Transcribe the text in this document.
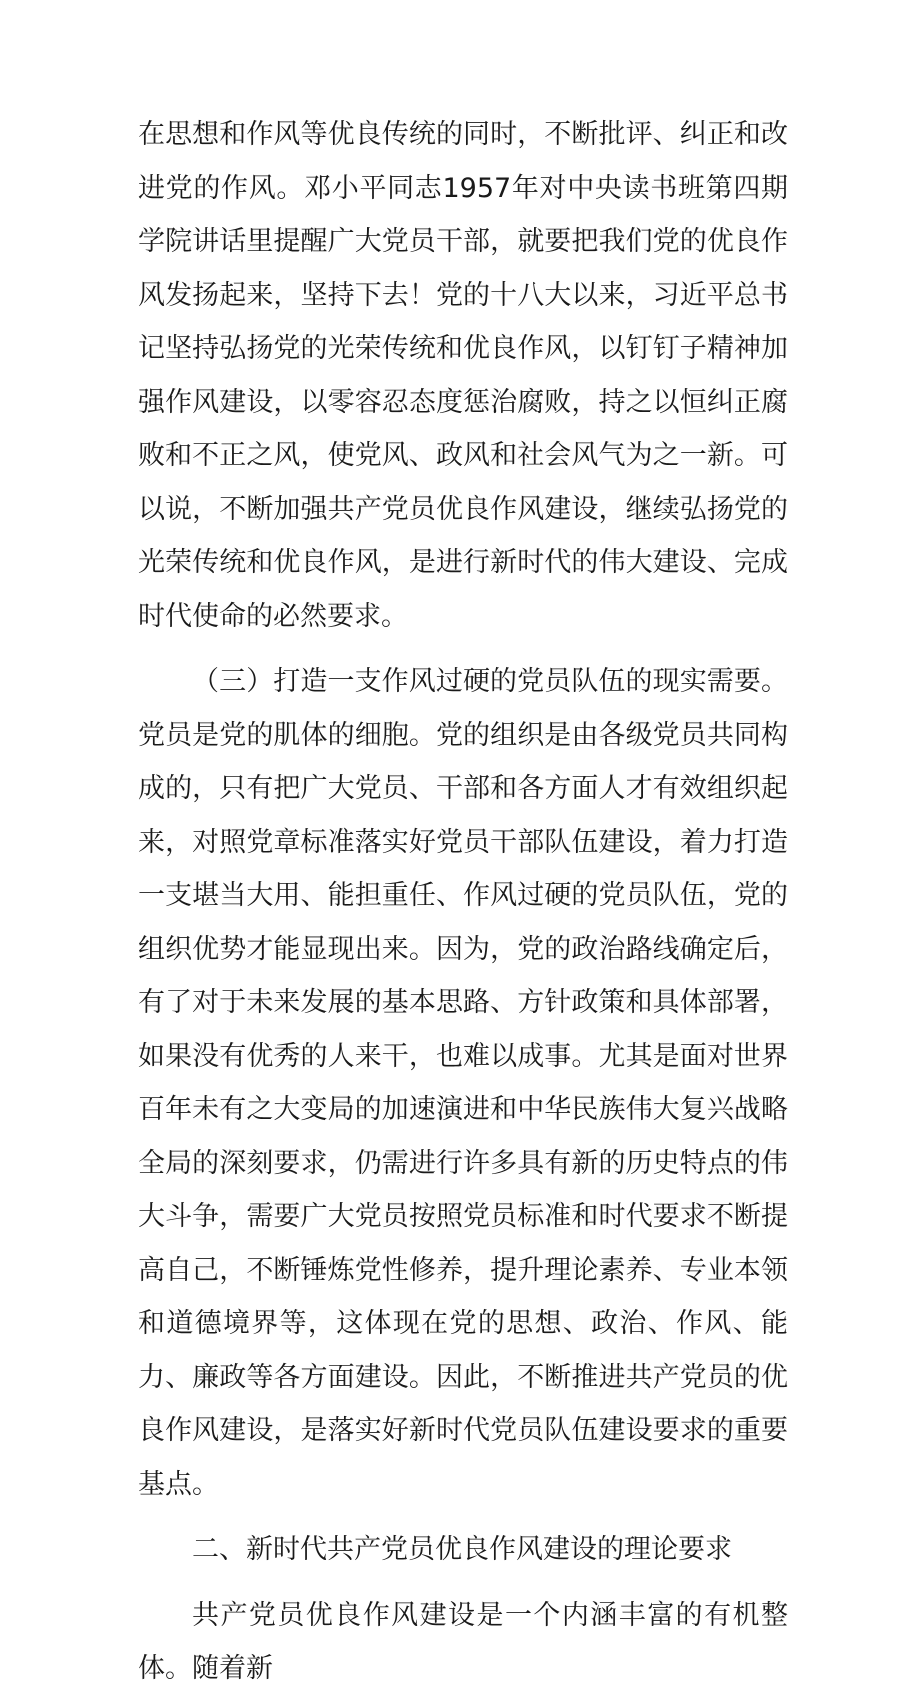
在思想和作风等优良传统的同时，不断批评、纠正和改进党的作风。邓小平同志1957年对中央读书班第四期学院讲话里提醒广大党员干部，就要把我们党的优良作风发扬起来，坚持下去！党的十八大以来，习近平总书记坚持弘扬党的光荣传统和优良作风，以钉钉子精神加强作风建设，以零容忍态度惩治腐败，持之以恒纠正腐败和不正之风，使党风、政风和社会风气为之一新。可以说，不断加强共产党员优良作风建设，继续弘扬党的光荣传统和优良作风，是进行新时代的伟大建设、完成时代使命的必然要求。

（三）打造一支作风过硬的党员队伍的现实需要。党员是党的肌体的细胞。党的组织是由各级党员共同构成的，只有把广大党员、干部和各方面人才有效组织起来，对照党章标准落实好党员干部队伍建设，着力打造一支堪当大用、能担重任、作风过硬的党员队伍，党的组织优势才能显现出来。因为，党的政治路线确定后，有了对于未来发展的基本思路、方针政策和具体部署，如果没有优秀的人来干，也难以成事。尤其是面对世界百年未有之大变局的加速演进和中华民族伟大复兴战略全局的深刻要求，仍需进行许多具有新的历史特点的伟大斗争，需要广大党员按照党员标准和时代要求不断提高自己，不断锤炼党性修养，提升理论素养、专业本领和道德境界等，这体现在党的思想、政治、作风、能力、廉政等各方面建设。因此，不断推进共产党员的优良作风建设，是落实好新时代党员队伍建设要求的重要基点。

二、新时代共产党员优良作风建设的理论要求

共产党员优良作风建设是一个内涵丰富的有机整体。随着新
